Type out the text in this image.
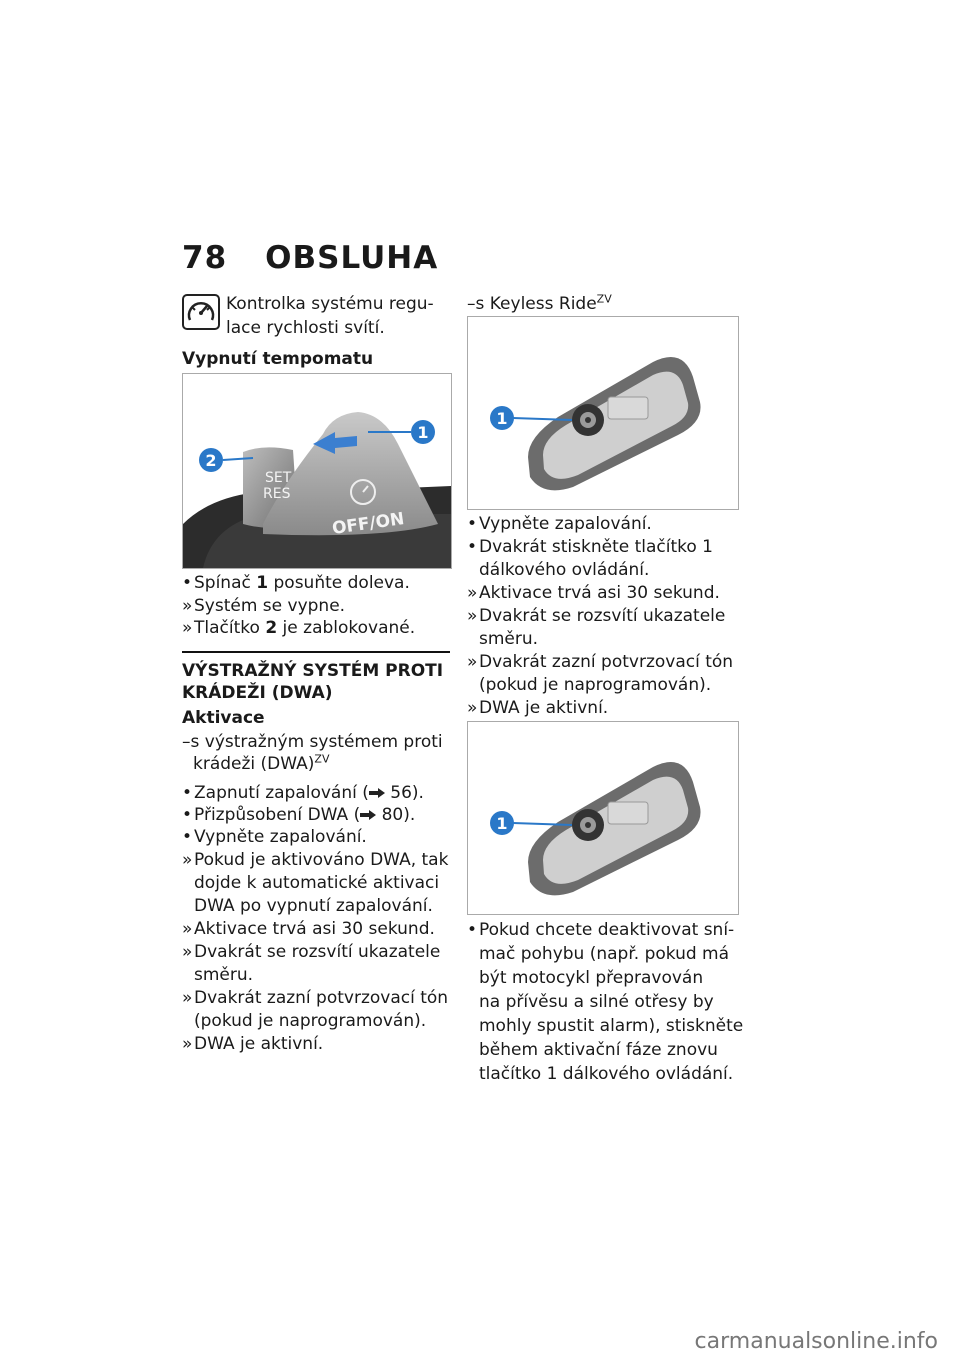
78 OBSLUHA
Kontrolka systému regu-
lace rychlosti svítí.
Vypnutí tempomatu
1
2
SET
RES
OFF/ON
• Spínač 1 posuňte doleva.
» Systém se vypne.
» Tlačítko 2 je zablokované.
VÝSTRAŽNÝ SYSTÉM PROTI
KRÁDEŽI (DWA)
Aktivace
–s výstražným systémem proti
krádeži (DWA)$^{ZV}$
• Zapnutí zapalování ( 56).
• Přizpůsobení DWA ( 80).
• Vypněte zapalování.
» Pokud je aktivováno DWA, tak
dojde k automatické aktivaci
DWA po vypnutí zapalování.
» Aktivace trvá asi 30 sekund.
» Dvakrát se rozsvítí ukazatele
směru.
» Dvakrát zazní potvrzovací tón
(pokud je naprogramován).
» DWA je aktivní.
–s Keyless Ride$^{ZV}$
1
• Vypněte zapalování.
• Dvakrát stiskněte tlačítko 1
dálkového ovládání.
» Aktivace trvá asi 30 sekund.
» Dvakrát se rozsvítí ukazatele
směru.
» Dvakrát zazní potvrzovací tón
(pokud je naprogramován).
» DWA je aktivní.
1
• Pokud chcete deaktivovat sní-
mač pohybu (např. pokud má
být motocykl přepravován
na přívěsu a silné otřesy by
mohly spustit alarm), stiskněte
během aktivační fáze znovu
tlačítko 1 dálkového ovládání.
carmanualsonline.info
